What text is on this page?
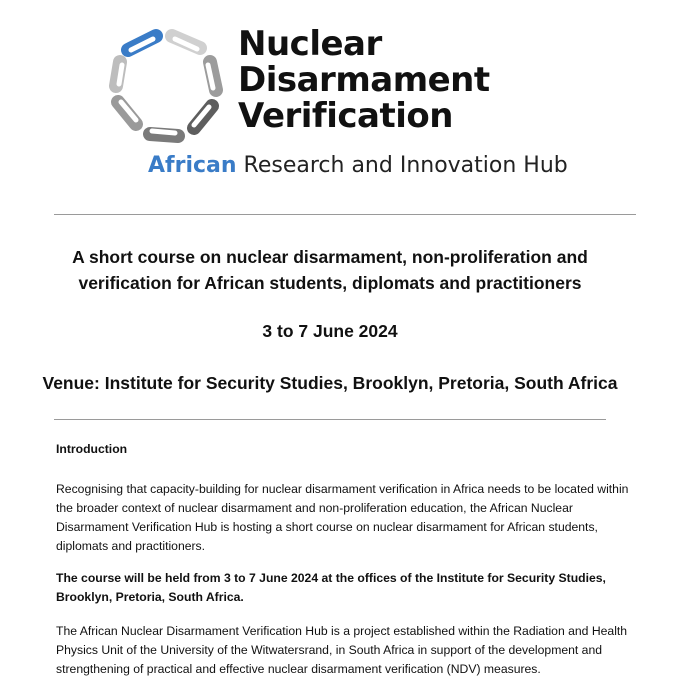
Nuclear
Disarmament
Verification
African Research and Innovation Hub
A short course on nuclear disarmament, non-proliferation and verification for African students, diplomats and practitioners
3 to 7 June 2024
Venue: Institute for Security Studies, Brooklyn, Pretoria, South Africa
Introduction
Recognising that capacity-building for nuclear disarmament verification in Africa needs to be located within the broader context of nuclear disarmament and non-proliferation education, the African Nuclear Disarmament Verification Hub is hosting a short course on nuclear disarmament for African students, diplomats and practitioners.
The course will be held from 3 to 7 June 2024 at the offices of the Institute for Security Studies, Brooklyn, Pretoria, South Africa.
The African Nuclear Disarmament Verification Hub is a project established within the Radiation and Health Physics Unit of the University of the Witwatersrand, in South Africa in support of the development and strengthening of practical and effective nuclear disarmament verification (NDV) measures.
